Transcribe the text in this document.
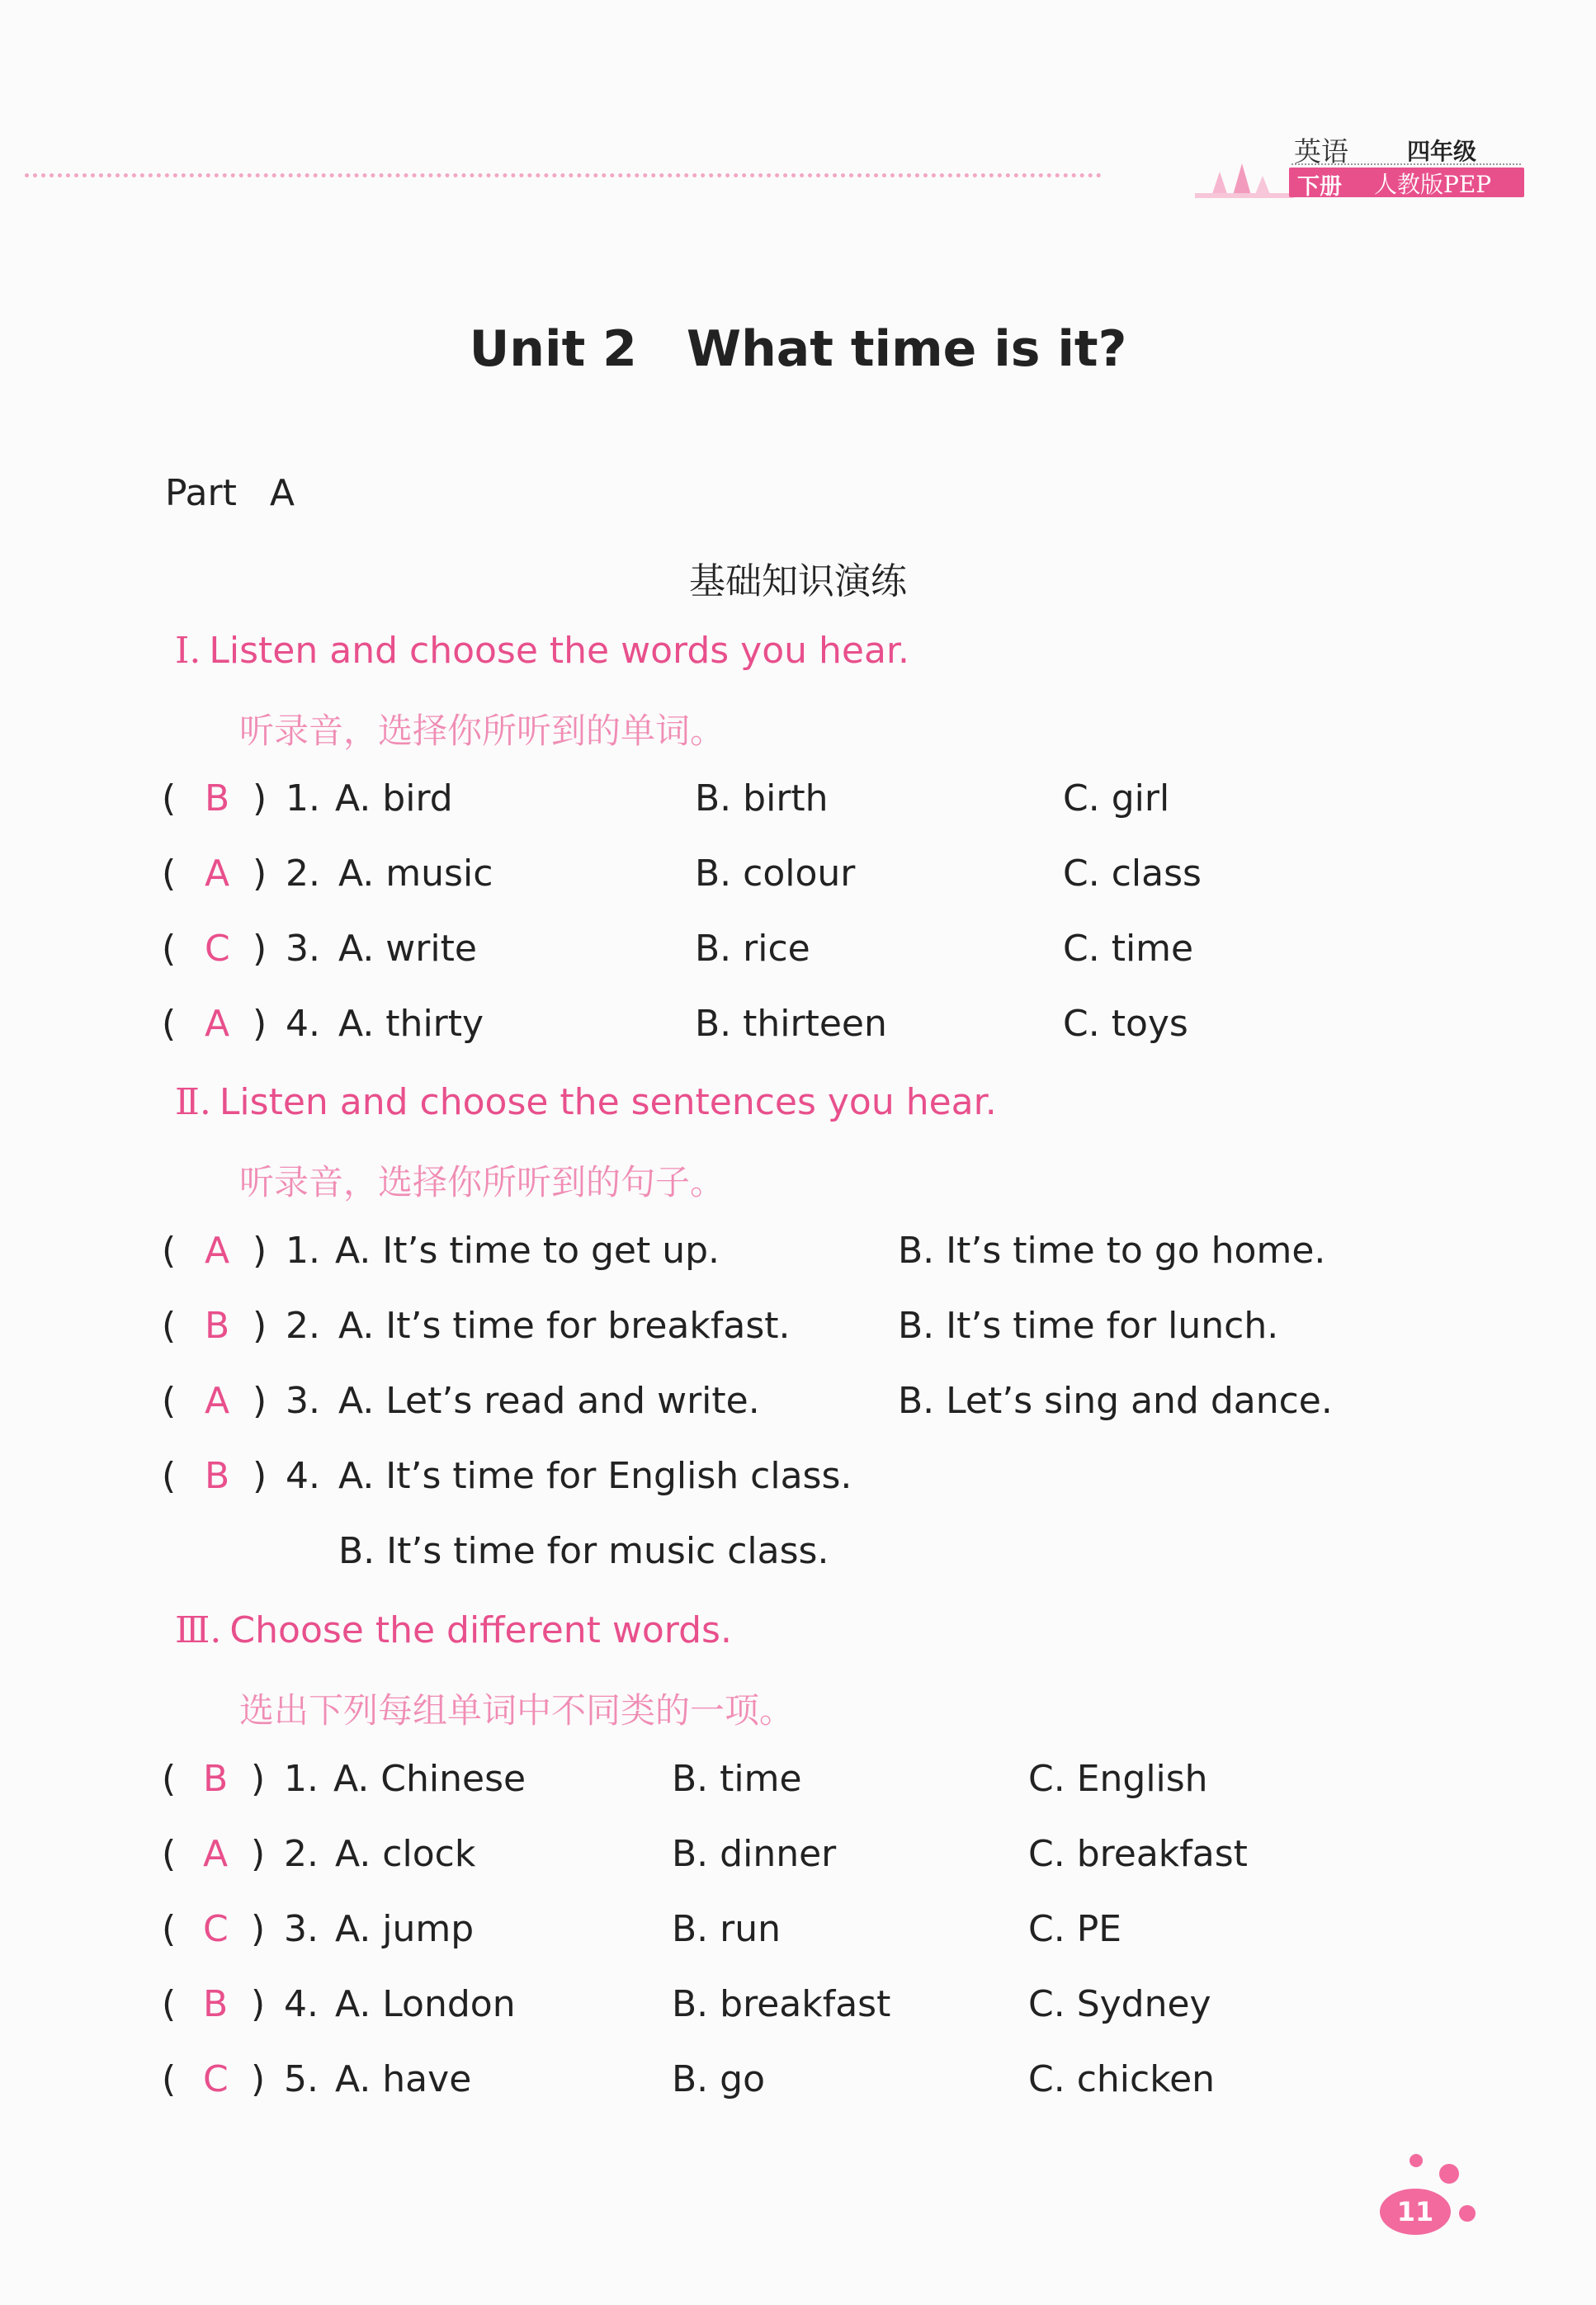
英语	四年级
下册 人教版PEP
Unit 2 What time is it?
Part A
基础知识演练
Ⅰ. Listen and choose the words you hear.
听录音，选择你所听到的单词。
( B ) 1. A. bird	B. birth	C. girl
( A ) 2. A. music	B. colour	C. class
( C ) 3. A. write	B. rice	C. time
( A ) 4. A. thirty	B. thirteen	C. toys
Ⅱ. Listen and choose the sentences you hear.
听录音，选择你所听到的句子。
( A ) 1. A. It’s time to get up.	B. It’s time to go home.
( B ) 2. A. It’s time for breakfast.	B. It’s time for lunch.
( A ) 3. A. Let’s read and write.	B. Let’s sing and dance.
( B ) 4. A. It’s time for English class.
B. It’s time for music class.
Ⅲ. Choose the different words.
选出下列每组单词中不同类的一项。
( B ) 1. A. Chinese	B. time	C. English
( A ) 2. A. clock	B. dinner	C. breakfast
( C ) 3. A. jump	B. run	C. PE
( B ) 4. A. London	B. breakfast	C. Sydney
( C ) 5. A. have	B. go	C. chicken
11
